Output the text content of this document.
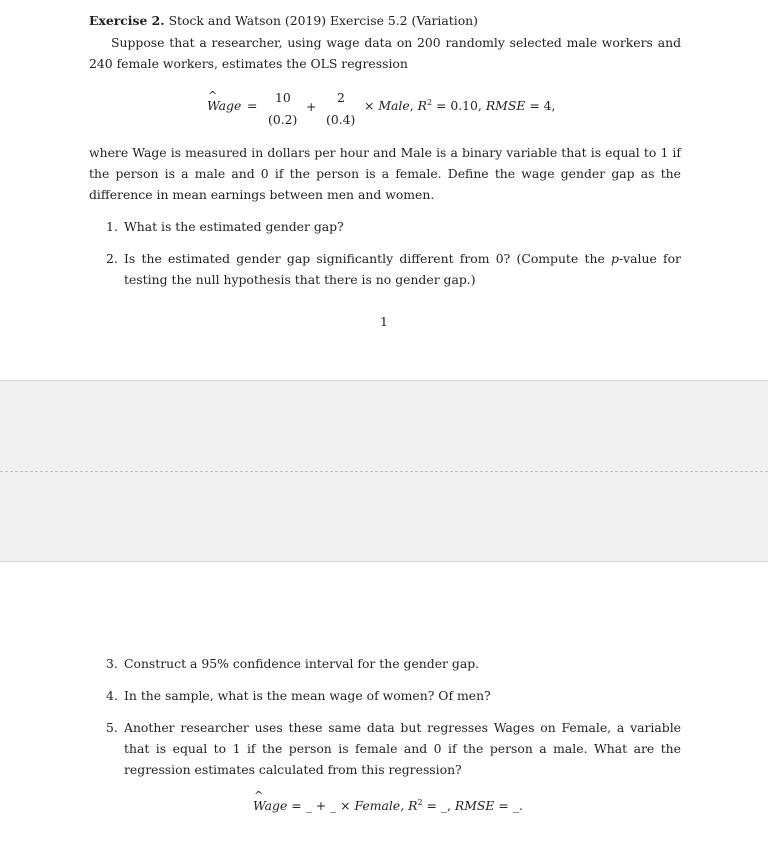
Exercise 2. Stock and Watson (2019) Exercise 5.2 (Variation)
Suppose that a researcher, using wage data on 200 randomly selected male workers and 240 female workers, estimates the OLS regression
^ Wage =
10
(0.2)
+
2
(0.4)
× Male, $R^2 = 0.10$, RMSE = 4,
where Wage is measured in dollars per hour and Male is a binary variable that is equal to 1 if the person is a male and 0 if the person is a female. Define the wage gender gap as the difference in mean earnings between men and women.
1. What is the estimated gender gap?
2. Is the estimated gender gap significantly different from 0? (Compute the p-value for testing the null hypothesis that there is no gender gap.)
1
3. Construct a 95% confidence interval for the gender gap.
4. In the sample, what is the mean wage of women? Of men?
5. Another researcher uses these same data but regresses Wages on Female, a variable that is equal to 1 if the person is female and 0 if the person a male. What are the regression estimates calculated from this regression?
^ Wage = _ + _ × Female, $R^2$ = _, RMSE = _.
